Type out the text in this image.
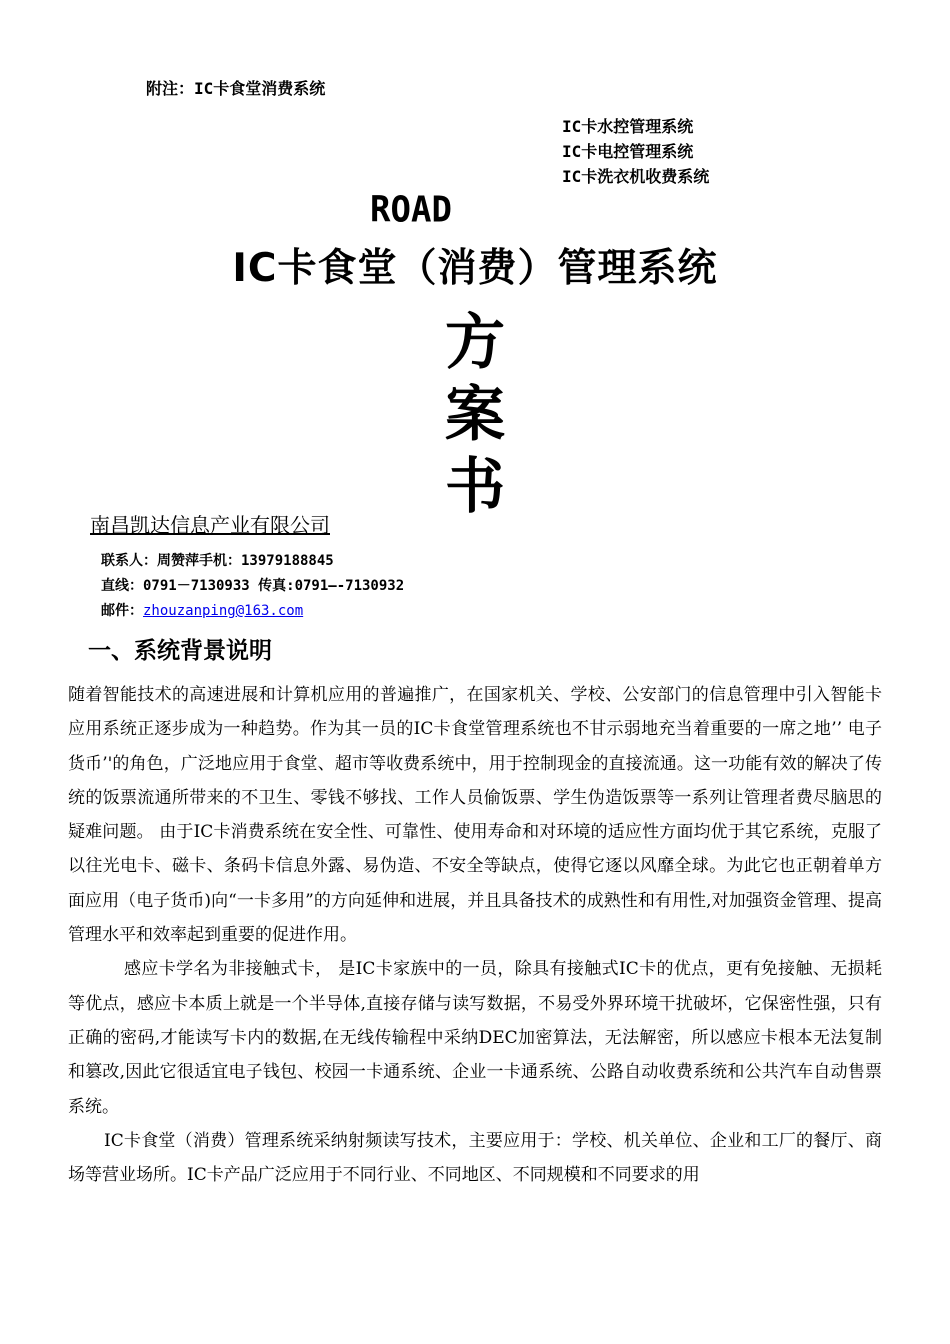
附注：IC卡食堂消费系统
IC卡水控管理系统
IC卡电控管理系统
IC卡洗衣机收费系统
ROAD
IC卡食堂（消费）管理系统
方
案
书
南昌凯达信息产业有限公司
联系人：周赞萍手机：13979188845
直线：0791－7130933 传真:0791—-7130932
邮件：zhouzanping@163.com
一、系统背景说明

随着智能技术的高速进展和计算机应用的普遍推广，在国家机关、学校、公安部门的信息管理中引入智能卡应用系统正逐步成为一种趋势。作为其一员的IC卡食堂管理系统也不甘示弱地充当着重要的一席之地’’ 电子货币’'的角色，广泛地应用于食堂、超市等收费系统中，用于控制现金的直接流通。这一功能有效的解决了传统的饭票流通所带来的不卫生、零钱不够找、工作人员偷饭票、学生伪造饭票等一系列让管理者费尽脑思的疑难问题。 由于IC卡消费系统在安全性、可靠性、使用寿命和对环境的适应性方面均优于其它系统，克服了以往光电卡、磁卡、条码卡信息外露、易伪造、不安全等缺点，使得它逐以风靡全球。为此它也正朝着单方面应用（电子货币)向“一卡多用”的方向延伸和进展，并且具备技术的成熟性和有用性,对加强资金管理、提高管理水平和效率起到重要的促进作用。

感应卡学名为非接触式卡， 是IC卡家族中的一员，除具有接触式IC卡的优点，更有免接触、无损耗等优点，感应卡本质上就是一个半导体,直接存储与读写数据，不易受外界环境干扰破坏，它保密性强，只有正确的密码,才能读写卡内的数据,在无线传输程中采纳DEC加密算法，无法解密，所以感应卡根本无法复制和篡改,因此它很适宜电子钱包、校园一卡通系统、企业一卡通系统、公路自动收费系统和公共汽车自动售票系统。

IC卡食堂（消费）管理系统采纳射频读写技术，主要应用于：学校、机关单位、企业和工厂的餐厅、商场等营业场所。IC卡产品广泛应用于不同行业、不同地区、不同规模和不同要求的用
